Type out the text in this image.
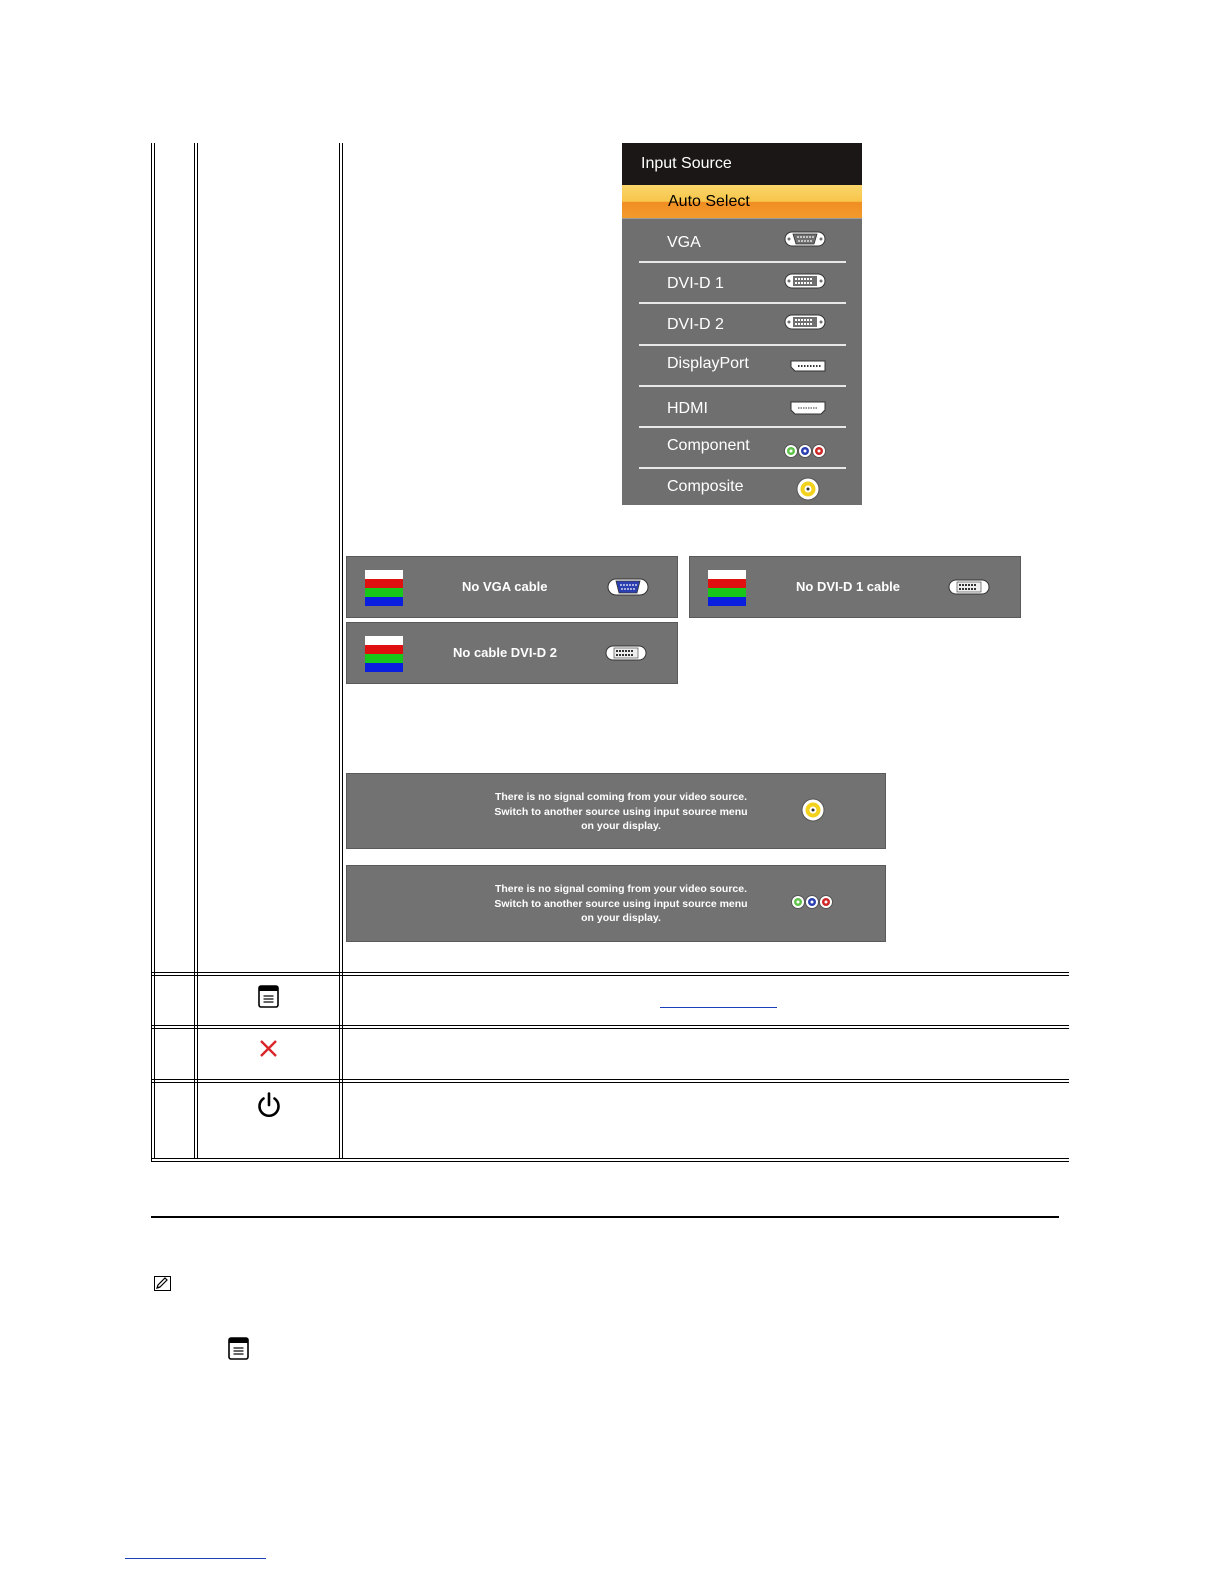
Input Source
Auto Select
VGA
DVI-D 1
DVI-D 2
DisplayPort
HDMI
Component
Composite
No VGA cable	No DVI-D 1 cable
No cable DVI-D 2
There is no signal coming from your video source.
Switch to another source using input source menu
on your display.
There is no signal coming from your video source.
Switch to another source using input source menu
on your display.
